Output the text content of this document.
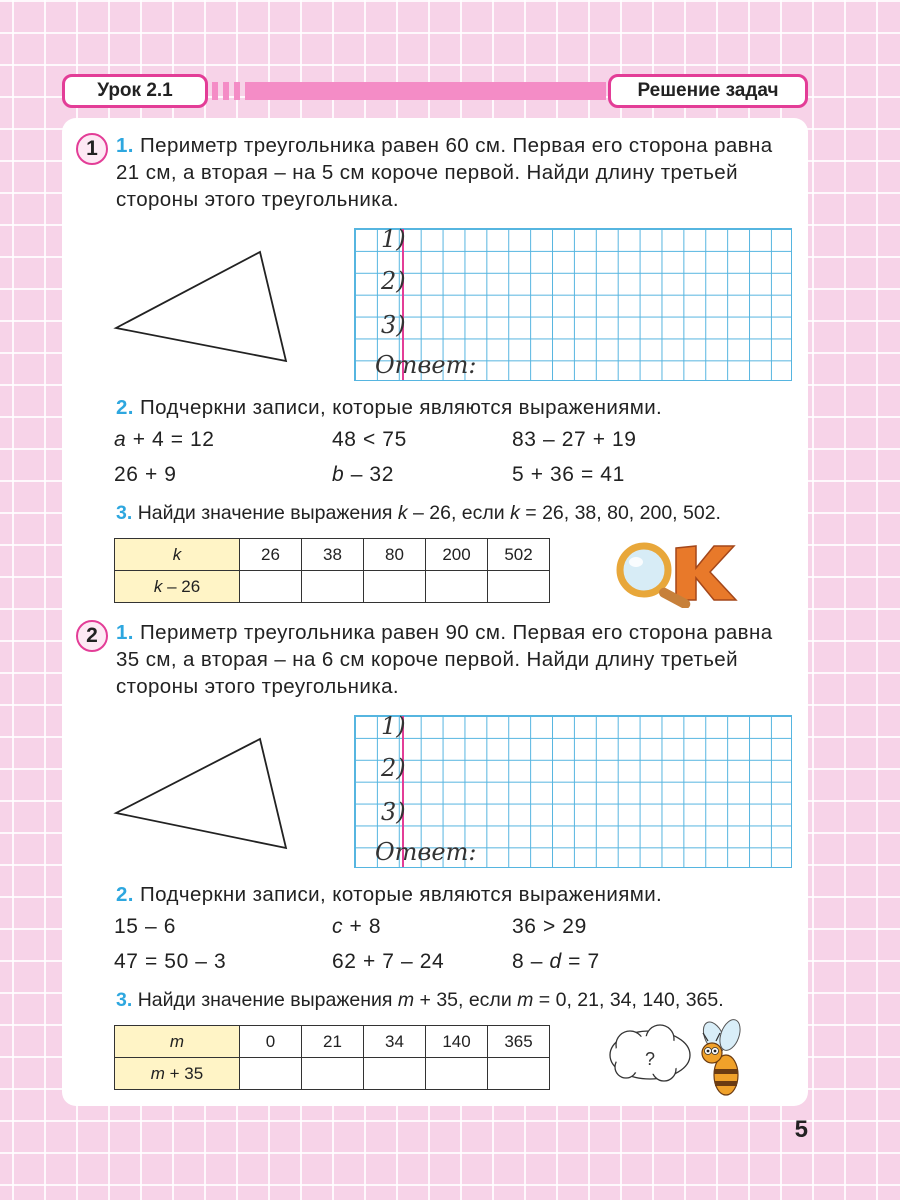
Урок 2.1	Решение задач
1 1. Периметр треугольника равен 60 см. Первая его сторона равна 21 см, а вторая – на 5 см короче первой. Найди длину третьей стороны этого треугольника.
1)
2)
3)
Ответ:
2. Подчеркни записи, которые являются выражениями.
a + 4 = 12	48 < 75	83 – 27 + 19
26 + 9	b – 32	5 + 36 = 41
3. Найди значение выражения k – 26, если k = 26, 38, 80, 200, 502.
k	26	38	80	200	502
k – 26					
2 1. Периметр треугольника равен 90 см. Первая его сторона равна 35 см, а вторая – на 6 см короче первой. Найди длину третьей стороны этого треугольника.
1)
2)
3)
Ответ:
2. Подчеркни записи, которые являются выражениями.
15 – 6	c + 8	36 > 29
47 = 50 – 3	62 + 7 – 24	8 – d = 7
3. Найди значение выражения m + 35, если m = 0, 21, 34, 140, 365.
m	0	21	34	140	365
m + 35					
?
5
